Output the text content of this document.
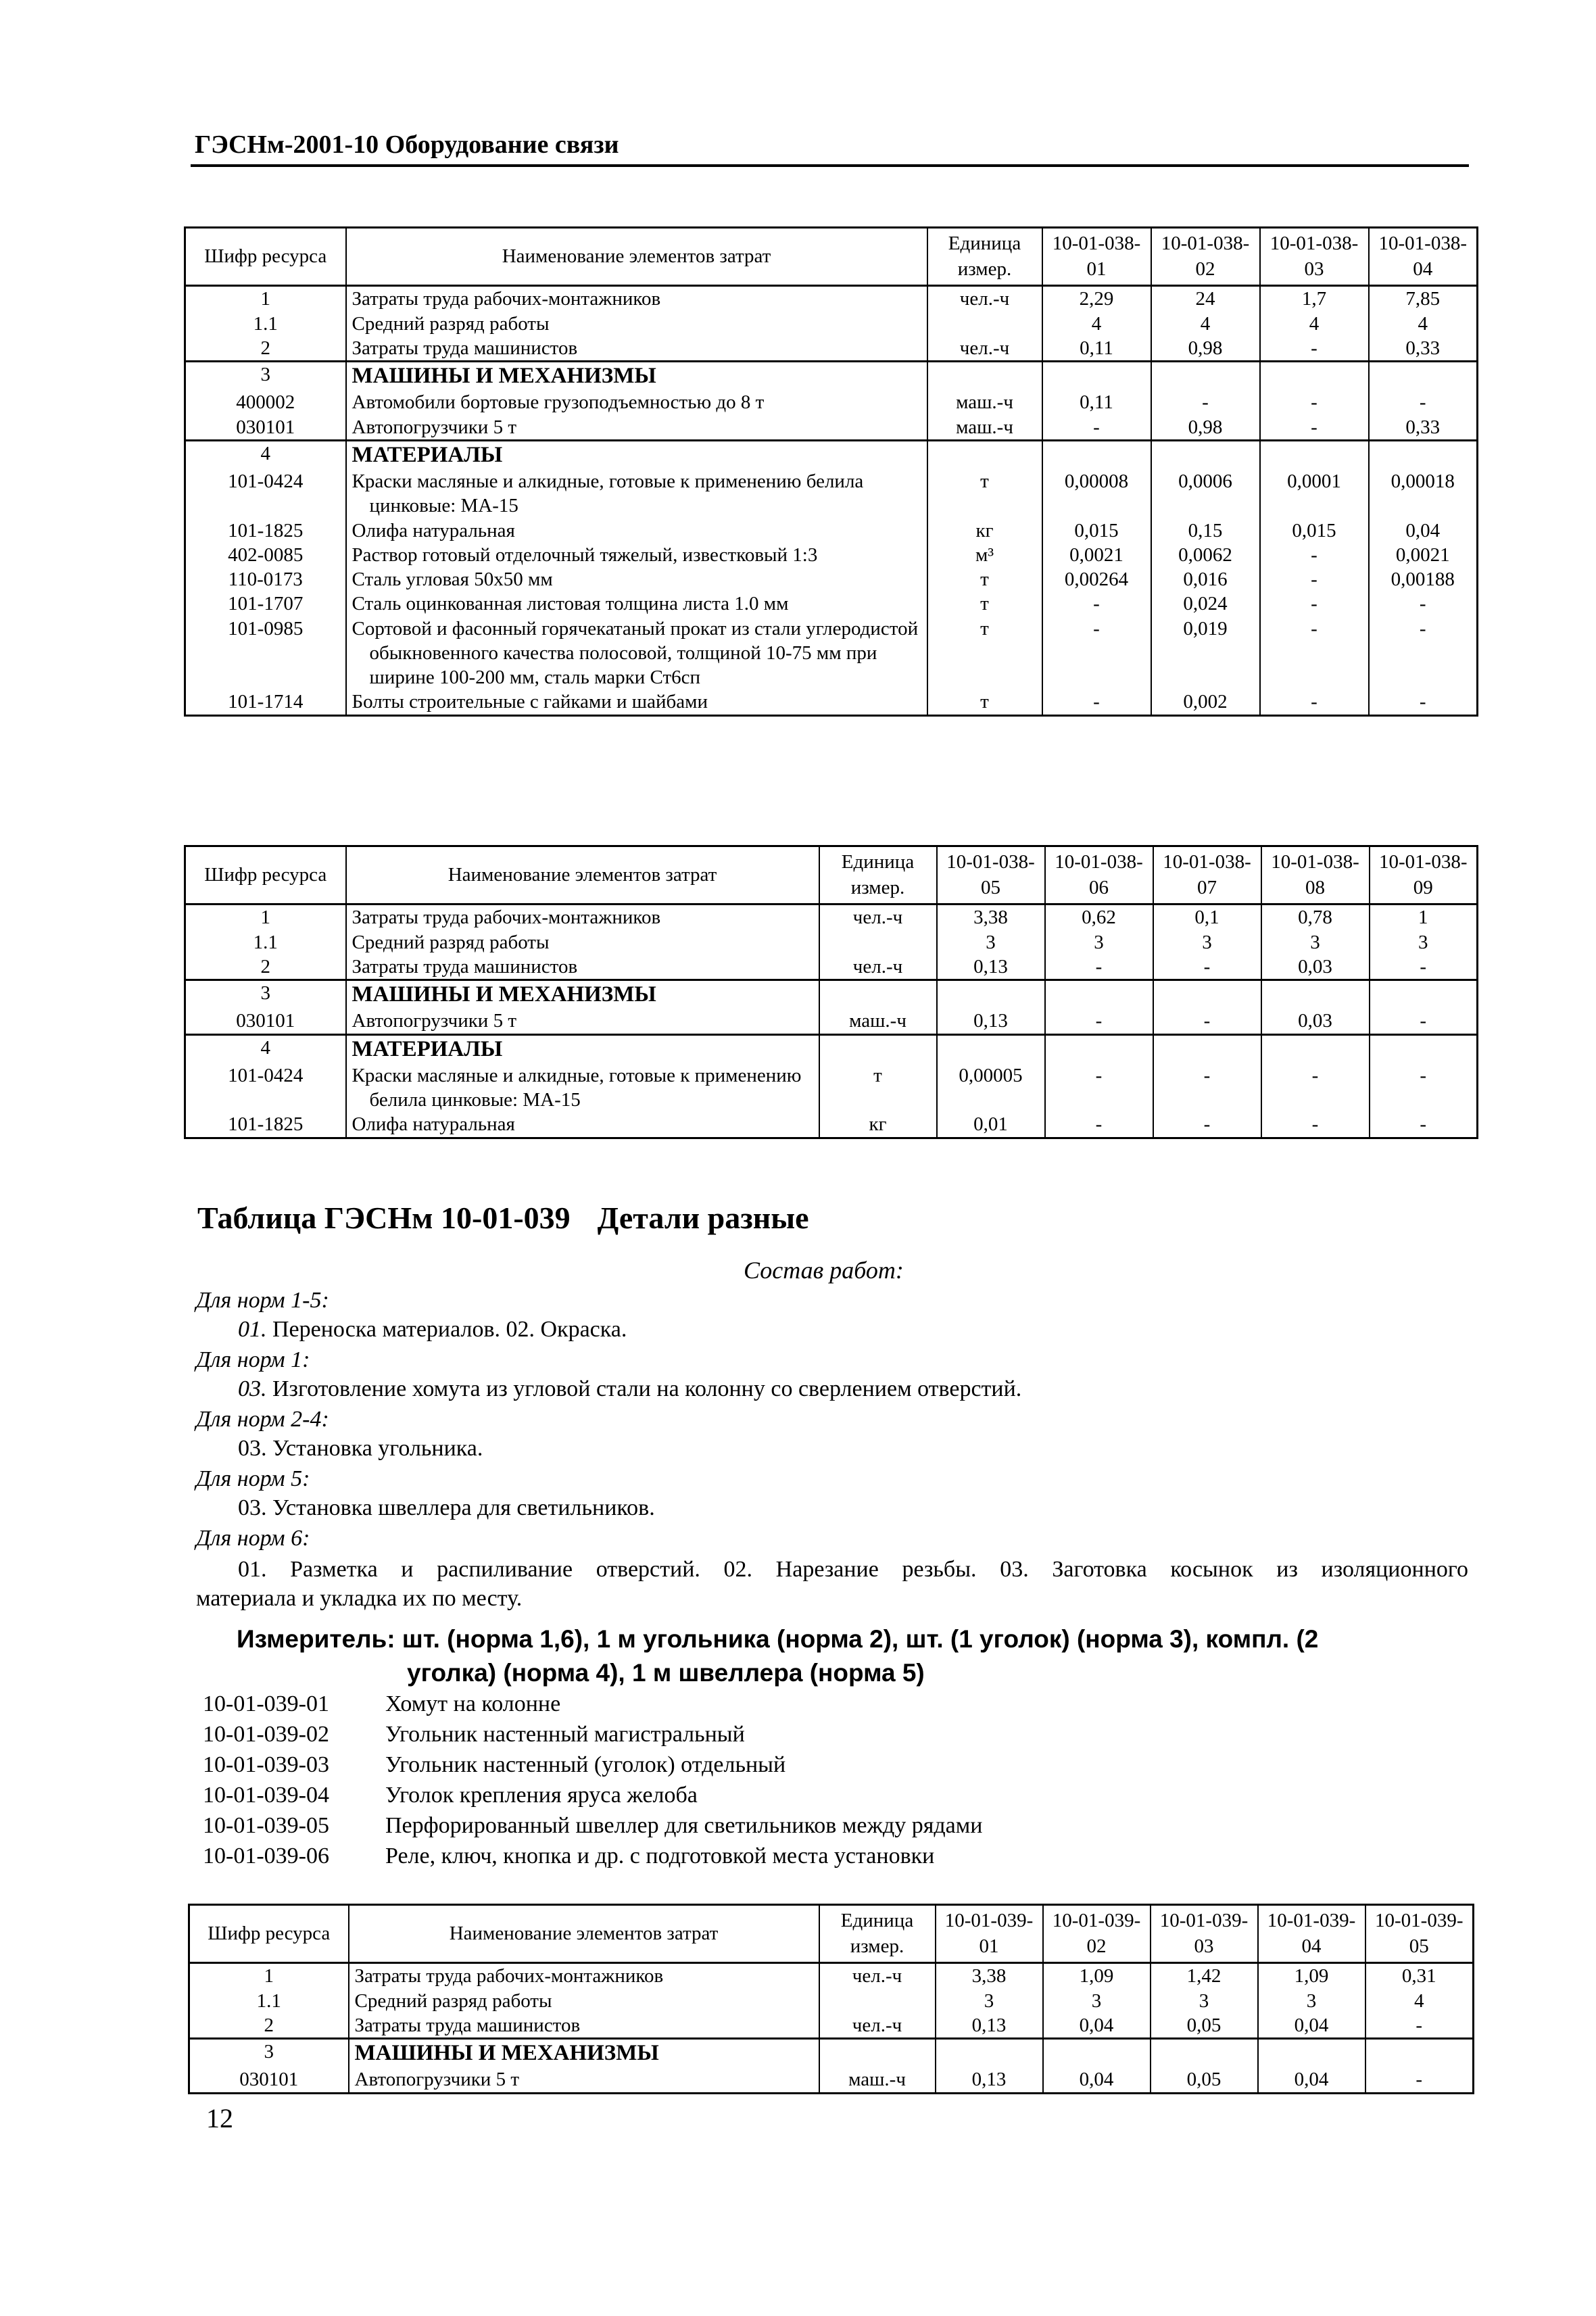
ГЭСНм-2001-10 Оборудование связи
Шифр ресурса	Наименование элементов затрат	Единица измер.	10-01-038-01	10-01-038-02	10-01-038-03	10-01-038-04
1	Затраты труда рабочих-монтажников	чел.-ч	2,29	24	1,7	7,85
1.1	Средний разряд работы		4	4	4	4
2	Затраты труда машинистов	чел.-ч	0,11	0,98	-	0,33
3	МАШИНЫ И МЕХАНИЗМЫ					

400002	Автомобили бортовые грузоподъемностью до 8 т	маш.-ч	0,11	-	-	-
030101	Автопогрузчики 5 т	маш.-ч	-	0,98	-	0,33
4	МАТЕРИАЛЫ					

101-0424	Краски масляные и алкидные, готовые к применению белила цинковые: МА-15	т	0,00008	0,0006	0,0001	0,00018
101-1825	Олифа натуральная	кг	0,015	0,15	0,015	0,04
402-0085	Раствор готовый отделочный тяжелый, известковый 1:3	м³	0,0021	0,0062	-	0,0021
110-0173	Сталь угловая 50х50 мм	т	0,00264	0,016	-	0,00188
101-1707	Сталь оцинкованная листовая толщина листа 1.0 мм	т	-	0,024	-	-
101-0985	Сортовой и фасонный горячекатаный прокат из стали углеродистой обыкновенного качества полосовой, толщиной 10-75 мм при ширине 100-200 мм, сталь марки Ст6сп	т	-	0,019	-	-
101-1714	Болты строительные с гайками и шайбами	т	-	0,002	-	-
Шифр ресурса	Наименование элементов затрат	Единица измер.	10-01-038-05	10-01-038-06	10-01-038-07	10-01-038-08	10-01-038-09
1	Затраты труда рабочих-монтажников	чел.-ч	3,38	0,62	0,1	0,78	1
1.1	Средний разряд работы		3	3	3	3	3
2	Затраты труда машинистов	чел.-ч	0,13	-	-	0,03	-
3	МАШИНЫ И МЕХАНИЗМЫ						

030101	Автопогрузчики 5 т	маш.-ч	0,13	-	-	0,03	-
4	МАТЕРИАЛЫ						

101-0424	Краски масляные и алкидные, готовые к применению белила цинковые: МА-15	т	0,00005	-	-	-	-
101-1825	Олифа натуральная	кг	0,01	-	-	-	-
Таблица ГЭСНм 10-01-039 Детали разные
Состав работ:
Для норм 1-5:
01. Переноска материалов. 02. Окраска.
Для норм 1:
03. Изготовление хомута из угловой стали на колонну со сверлением отверстий.
Для норм 2-4:
03. Установка угольника.
Для норм 5:
03. Установка швеллера для светильников.
Для норм 6:
01. Разметка и распиливание отверстий. 02. Нарезание резьбы. 03. Заготовка косынок из изоляционного
материала и укладка их по месту.
Измеритель: шт. (норма 1,6), 1 м угольника (норма 2), шт. (1 уголок) (норма 3), компл. (2
уголка) (норма 4), 1 м швеллера (норма 5)
10-01-039-01 Хомут на колонне
10-01-039-02 Угольник настенный магистральный
10-01-039-03 Угольник настенный (уголок) отдельный
10-01-039-04 Уголок крепления яруса желоба
10-01-039-05 Перфорированный швеллер для светильников между рядами
10-01-039-06 Реле, ключ, кнопка и др. с подготовкой места установки
Шифр ресурса	Наименование элементов затрат	Единица измер.	10-01-039-01	10-01-039-02	10-01-039-03	10-01-039-04	10-01-039-05
1	Затраты труда рабочих-монтажников	чел.-ч	3,38	1,09	1,42	1,09	0,31
1.1	Средний разряд работы		3	3	3	3	4
2	Затраты труда машинистов	чел.-ч	0,13	0,04	0,05	0,04	-
3	МАШИНЫ И МЕХАНИЗМЫ						

030101	Автопогрузчики 5 т	маш.-ч	0,13	0,04	0,05	0,04	-
12
